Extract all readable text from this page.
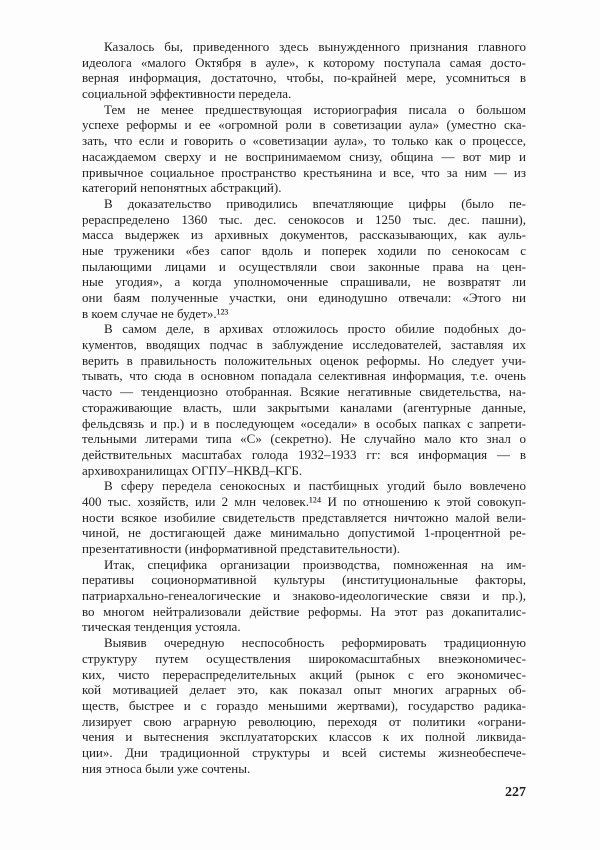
Казалось бы, приведенного здесь вынужденного признания главного
идеолога «малого Октября в ауле», к которому поступала самая досто-
верная информация, достаточно, чтобы, по-крайней мере, усомниться в
социальной эффективности передела.
Тем не менее предшествующая историография писала о большом
успехе реформы и ее «огромной роли в советизации аула» (уместно ска-
зать, что если и говорить о «советизации аула», то только как о процессе,
насаждаемом сверху и не воспринимаемом снизу, община — вот мир и
привычное социальное пространство крестьянина и все, что за ним — из
категорий непонятных абстракций).
В доказательство приводились впечатляющие цифры (было пе-
рераспределено 1360 тыс. дес. сенокосов и 1250 тыс. дес. пашни),
масса выдержек из архивных документов, рассказывающих, как ауль-
ные труженики «без сапог вдоль и поперек ходили по сенокосам с
пылающими лицами и осуществляли свои законные права на цен-
ные угодия», а когда уполномоченные спрашивали, не возвратят ли
они баям полученные участки, они единодушно отвечали: «Этого ни
в коем случае не будет».¹²³
В самом деле, в архивах отложилось просто обилие подобных до-
кументов, вводящих подчас в заблуждение исследователей, заставляя их
верить в правильность положительных оценок реформы. Но следует учи-
тывать, что сюда в основном попадала селективная информация, т.е. очень
часто — тенденциозно отобранная. Всякие негативные свидетельства, на-
стораживающие власть, шли закрытыми каналами (агентурные данные,
фельдсвязь и пр.) и в последующем «оседали» в особых папках с запрети-
тельными литерами типа «С» (секретно). Не случайно мало кто знал о
действительных масштабах голода 1932–1933 гг: вся информация — в
архивохранилищах ОГПУ–НКВД–КГБ.
В сферу передела сенокосных и пастбищных угодий было вовлечено
400 тыс. хозяйств, или 2 млн человек.¹²⁴ И по отношению к этой совокуп-
ности всякое изобилие свидетельств представляется ничтожно малой вели-
чиной, не достигающей даже минимально допустимой 1-процентной ре-
презентативности (информативной представительности).
Итак, специфика организации производства, помноженная на им-
перативы соционормативной культуры (институциональные факторы,
патриархально-генеалогические и знаково-идеологические связи и пр.),
во многом нейтрализовали действие реформы. На этот раз докапиталис-
тическая тенденция устояла.
Выявив очередную неспособность реформировать традиционную
структуру путем осуществления широкомасштабных внеэкономичес-
ких, чисто перераспределительных акций (рынок с его экономичес-
кой мотивацией делает это, как показал опыт многих аграрных об-
ществ, быстрее и с гораздо меньшими жертвами), государство радика-
лизирует свою аграрную революцию, переходя от политики «ограни-
чения и вытеснения эксплуататорских классов к их полной ликвида-
ции». Дни традиционной структуры и всей системы жизнеобеспече-
ния этноса были уже сочтены.
227
